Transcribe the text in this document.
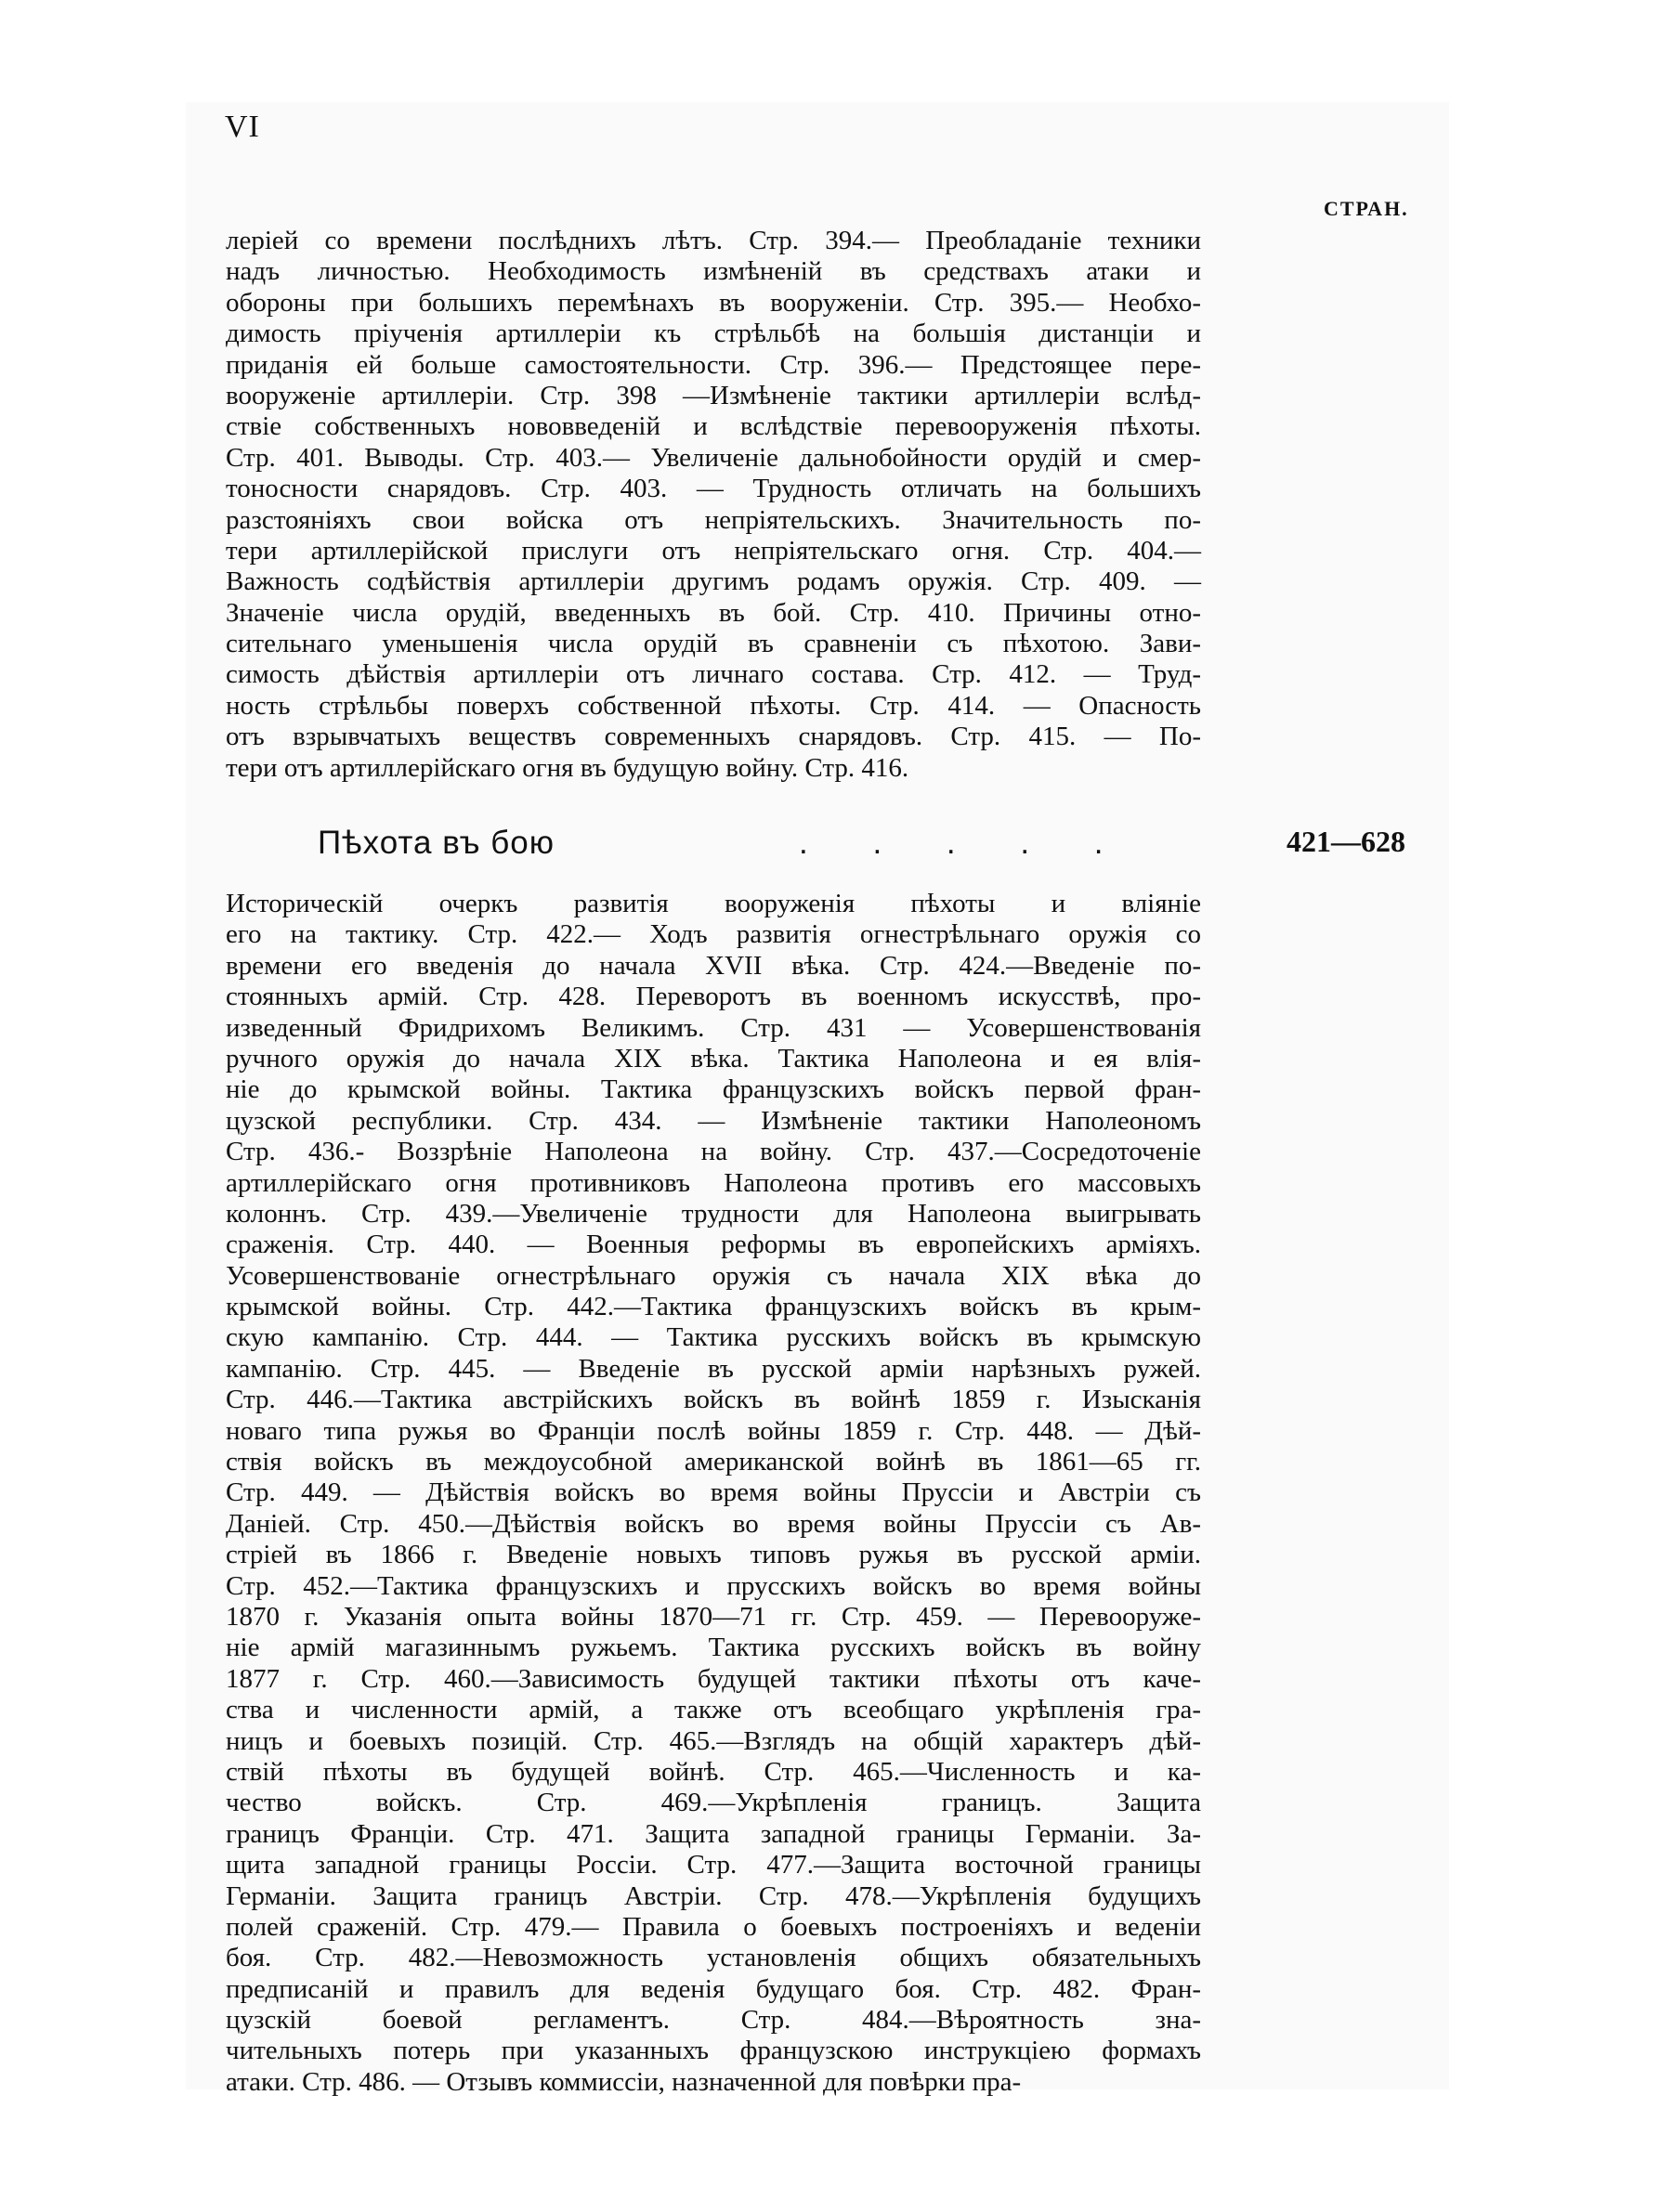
VI
СТРАН.
леріей со времени послѣднихъ лѣтъ. Стр. 394.— Преобладаніе техники
надъ личностью. Необходимость измѣненій въ средствахъ атаки и
обороны при большихъ перемѣнахъ въ вооруженіи. Стр. 395.— Необхо-
димость пріученія артиллеріи къ стрѣльбѣ на большія дистанціи и
приданія ей больше самостоятельности. Стр. 396.— Предстоящее пере-
вооруженіе артиллеріи. Стр. 398 —Измѣненіе тактики артиллеріи вслѣд-
ствіе собственныхъ нововведеній и вслѣдствіе перевооруженія пѣхоты.
Стр. 401. Выводы. Стр. 403.— Увеличеніе дальнобойности орудій и смер-
тоносности снарядовъ. Стр. 403. — Трудность отличать на большихъ
разстояніяхъ свои войска отъ непріятельскихъ. Значительность по-
тери артиллерійской прислуги отъ непріятельскаго огня. Стр. 404.—
Важность содѣйствія артиллеріи другимъ родамъ оружія. Стр. 409. —
Значеніе числа орудій, введенныхъ въ бой. Стр. 410. Причины отно-
сительнаго уменьшенія числа орудій въ сравненіи съ пѣхотою. Зави-
симость дѣйствія артиллеріи отъ личнаго состава. Стр. 412. — Труд-
ность стрѣльбы поверхъ собственной пѣхоты. Стр. 414. — Опасность
отъ взрывчатыхъ веществъ современныхъ снарядовъ. Стр. 415. — По-
тери отъ артиллерійскаго огня въ будущую войну. Стр. 416.
Пѣхота въ бою	. . . . .	421—628
Историческій очеркъ развитія вооруженія пѣхоты и вліяніе
его на тактику. Стр. 422.— Ходъ развитія огнестрѣльнаго оружія со
времени его введенія до начала XVII вѣка. Стр. 424.—Введеніе по-
стоянныхъ армій. Стр. 428. Переворотъ въ военномъ искусствѣ, про-
изведенный Фридрихомъ Великимъ. Стр. 431 — Усовершенствованія
ручного оружія до начала XIX вѣка. Тактика Наполеона и ея влія-
ніе до крымской войны. Тактика французскихъ войскъ первой фран-
цузской республики. Стр. 434. — Измѣненіе тактики Наполеономъ
Стр. 436.- Воззрѣніе Наполеона на войну. Стр. 437.—Сосредоточеніе
артиллерійскаго огня противниковъ Наполеона противъ его массовыхъ
колоннъ. Стр. 439.—Увеличеніе трудности для Наполеона выигрывать
сраженія. Стр. 440. — Военныя реформы въ европейскихъ арміяхъ.
Усовершенствованіе огнестрѣльнаго оружія съ начала XIX вѣка до
крымской войны. Стр. 442.—Тактика французскихъ войскъ въ крым-
скую кампанію. Стр. 444. — Тактика русскихъ войскъ въ крымскую
кампанію. Стр. 445. — Введеніе въ русской арміи нарѣзныхъ ружей.
Стр. 446.—Тактика австрійскихъ войскъ въ войнѣ 1859 г. Изысканія
новаго типа ружья во Франціи послѣ войны 1859 г. Стр. 448. — Дѣй-
ствія войскъ въ междоусобной американской войнѣ въ 1861—65 гг.
Стр. 449. — Дѣйствія войскъ во время войны Пруссіи и Австріи съ
Даніей. Стр. 450.—Дѣйствія войскъ во время войны Пруссіи съ Ав-
стріей въ 1866 г. Введеніе новыхъ типовъ ружья въ русской арміи.
Стр. 452.—Тактика французскихъ и прусскихъ войскъ во время войны
1870 г. Указанія опыта войны 1870—71 гг. Стр. 459. — Перевооруже-
ніе армій магазиннымъ ружьемъ. Тактика русскихъ войскъ въ войну
1877 г. Стр. 460.—Зависимость будущей тактики пѣхоты отъ каче-
ства и численности армій, а также отъ всеобщаго укрѣпленія гра-
ницъ и боевыхъ позицій. Стр. 465.—Взглядъ на общій характеръ дѣй-
ствій пѣхоты въ будущей войнѣ. Стр. 465.—Численность и ка-
чество войскъ. Стр. 469.—Укрѣпленія границъ. Защита
границъ Франціи. Стр. 471. Защита западной границы Германіи. За-
щита западной границы Россіи. Стр. 477.—Защита восточной границы
Германіи. Защита границъ Австріи. Стр. 478.—Укрѣпленія будущихъ
полей сраженій. Стр. 479.— Правила о боевыхъ построеніяхъ и веденіи
боя. Стр. 482.—Невозможность установленія общихъ обязательныхъ
предписаній и правилъ для веденія будущаго боя. Стр. 482. Фран-
цузскій боевой регламентъ. Стр. 484.—Вѣроятность зна-
чительныхъ потерь при указанныхъ французскою инструкціею формахъ
атаки. Стр. 486. — Отзывъ коммиссіи, назначенной для повѣрки пра-
